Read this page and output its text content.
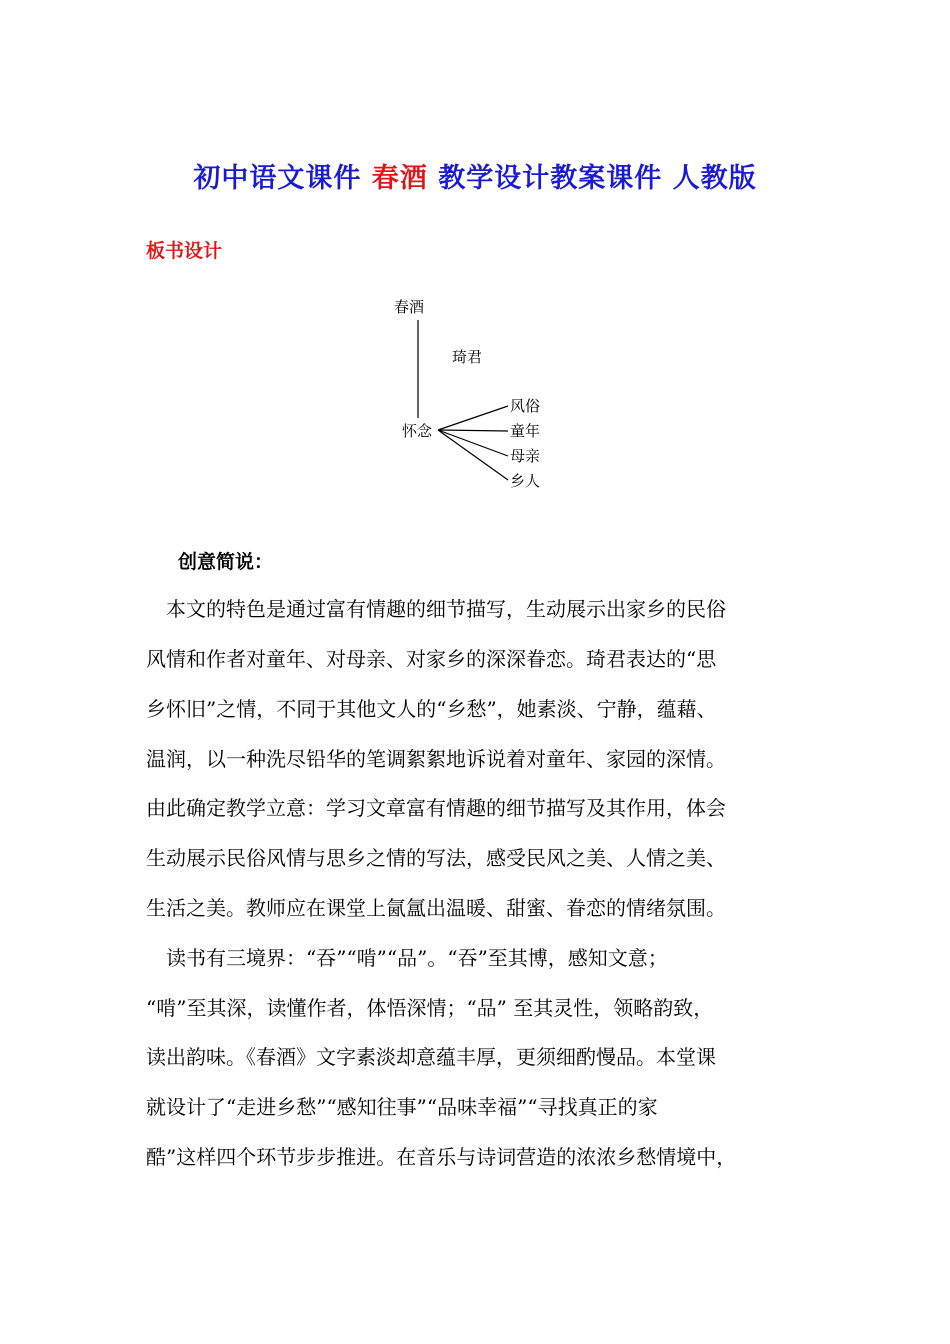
初中语文课件 春酒 教学设计教案课件 人教版
板书设计
春酒
琦君
怀念
风俗
童年
母亲
乡人
创意简说：
　本文的特色是通过富有情趣的细节描写，生动展示出家乡的民俗
风情和作者对童年、对母亲、对家乡的深深眷恋。琦君表达的“思
乡怀旧”之情，不同于其他文人的“乡愁”，她素淡、宁静，蕴藉、
温润，以一种洗尽铅华的笔调絮絮地诉说着对童年、家园的深情。
由此确定教学立意：学习文章富有情趣的细节描写及其作用，体会
生动展示民俗风情与思乡之情的写法，感受民风之美、人情之美、
生活之美。教师应在课堂上氤氲出温暖、甜蜜、眷恋的情绪氛围。
　读书有三境界：“吞”“啃”“品”。“吞”至其博，感知文意；
“啃”至其深，读懂作者，体悟深情；“品” 至其灵性，领略韵致，
读出韵味。《春酒》文字素淡却意蕴丰厚，更须细酌慢品。本堂课
就设计了“走进乡愁”“感知往事”“品味幸福”“寻找真正的家
酷”这样四个环节步步推进。在音乐与诗词营造的浓浓乡愁情境中，
